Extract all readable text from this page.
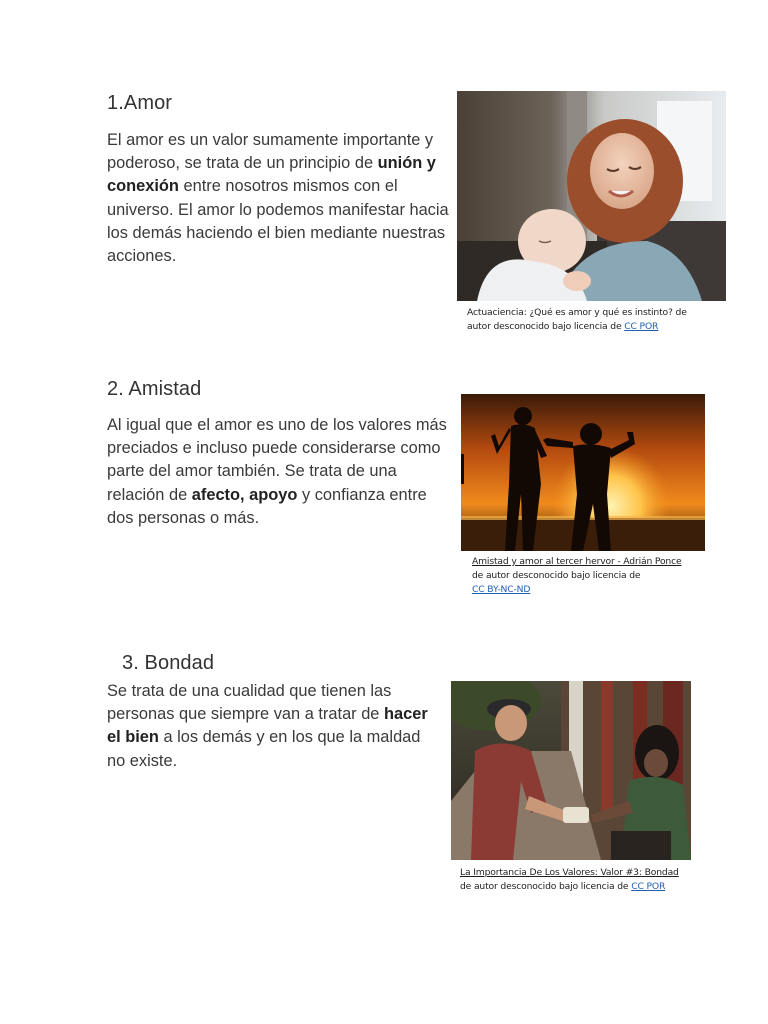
1.Amor

El amor es un valor sumamente importante y poderoso, se trata de un principio de unión y conexión entre nosotros mismos con el universo. El amor lo podemos manifestar hacia los demás haciendo el bien mediante nuestras acciones.

Actuaciencia: ¿Qué es amor y qué es instinto? de autor desconocido bajo licencia de CC POR
2. Amistad

Al igual que el amor es uno de los valores más preciados e incluso puede considerarse como parte del amor también. Se trata de una relación de afecto, apoyo y confianza entre dos personas o más.

Amistad y amor al tercer hervor - Adrián Ponce
de autor desconocido bajo licencia de
CC BY-NC-ND
3. Bondad

Se trata de una cualidad que tienen las personas que siempre van a tratar de hacer el bien a los demás y en los que la maldad no existe.

La Importancia De Los Valores: Valor #3: Bondad
de autor desconocido bajo licencia de CC POR
